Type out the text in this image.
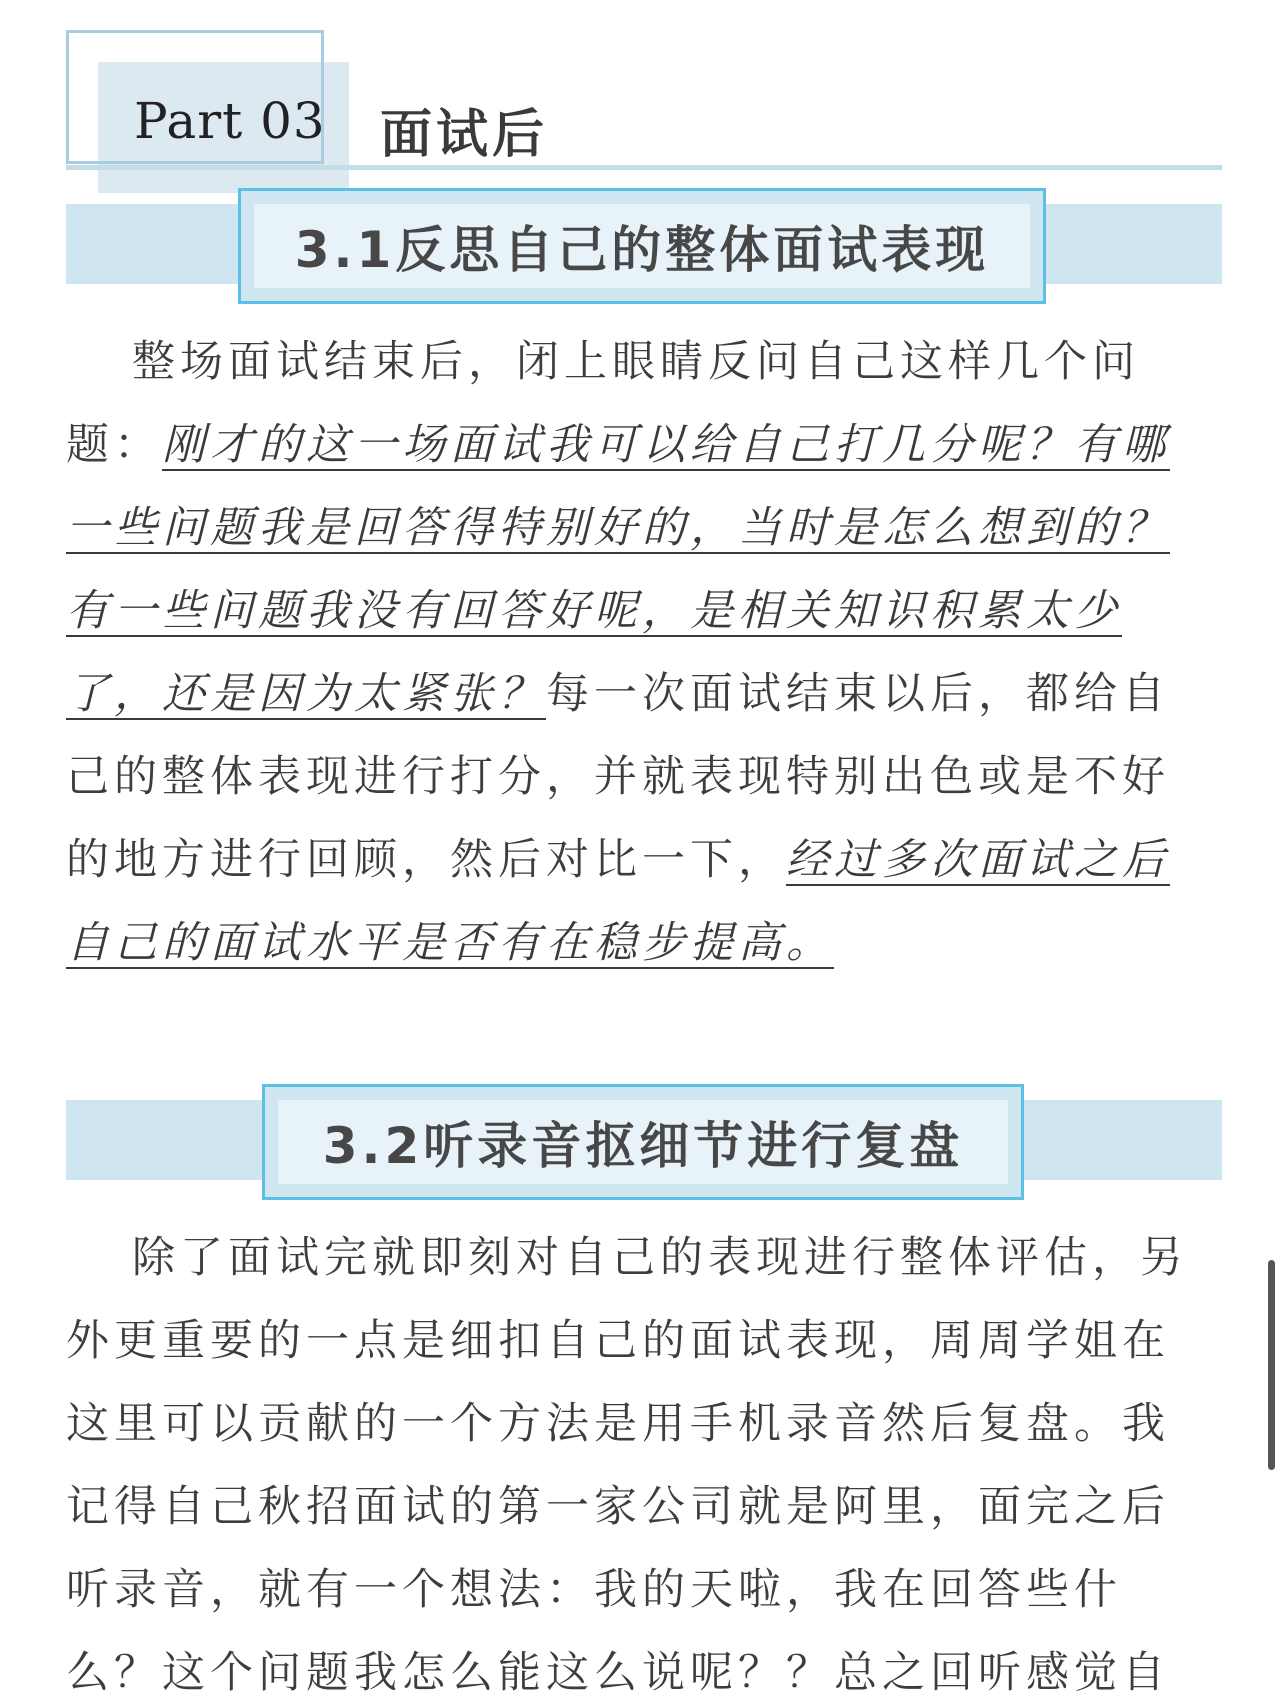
Part 03 面试后
3.1反思自己的整体面试表现
整场面试结束后，闭上眼睛反问自己这样几个问
题：刚才的这一场面试我可以给自己打几分呢？有哪
一些问题我是回答得特别好的，当时是怎么想到的？
有一些问题我没有回答好呢，是相关知识积累太少
了，还是因为太紧张？每一次面试结束以后，都给自
己的整体表现进行打分，并就表现特别出色或是不好
的地方进行回顾，然后对比一下，经过多次面试之后
自己的面试水平是否有在稳步提高。
3.2听录音抠细节进行复盘
除了面试完就即刻对自己的表现进行整体评估，另
外更重要的一点是细扣自己的面试表现，周周学姐在
这里可以贡献的一个方法是用手机录音然后复盘。我
记得自己秋招面试的第一家公司就是阿里，面完之后
听录音，就有一个想法：我的天啦，我在回答些什
么？这个问题我怎么能这么说呢？？总之回听感觉自
